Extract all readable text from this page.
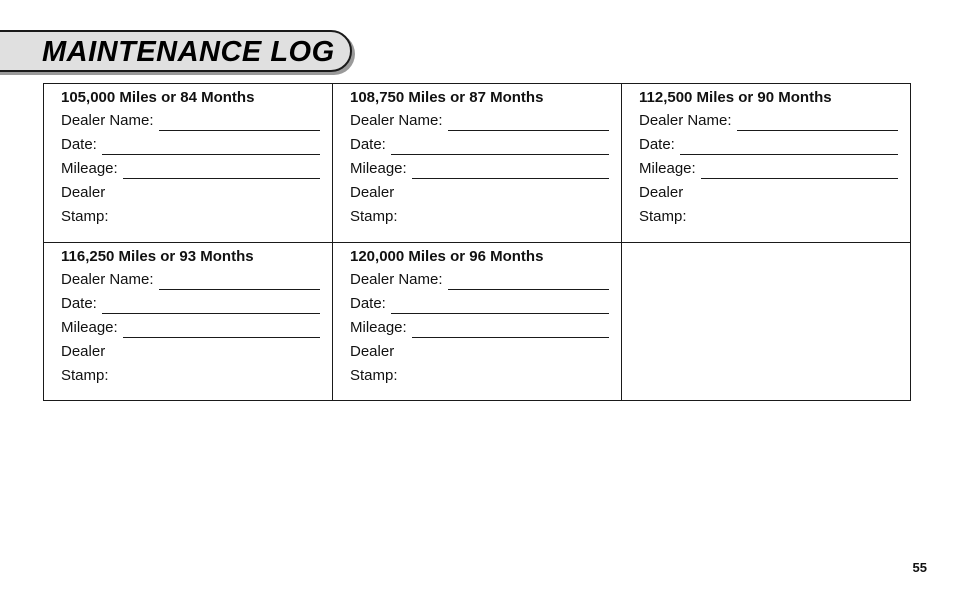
MAINTENANCE LOG
105,000 Miles or 84 Months
Dealer Name:
Date:
Mileage:
Dealer
Stamp:
108,750 Miles or 87 Months
Dealer Name:
Date:
Mileage:
Dealer
Stamp:
112,500 Miles or 90 Months
Dealer Name:
Date:
Mileage:
Dealer
Stamp:
116,250 Miles or 93 Months
Dealer Name:
Date:
Mileage:
Dealer
Stamp:
120,000 Miles or 96 Months
Dealer Name:
Date:
Mileage:
Dealer
Stamp:
55
